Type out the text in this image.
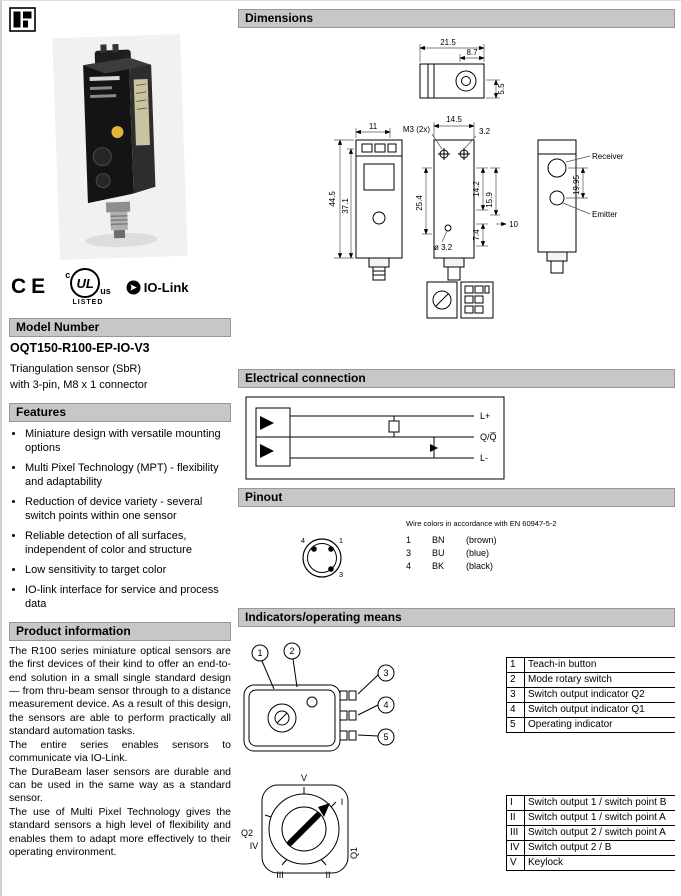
CE c
UL
us
LISTED
IO-Link
Model Number
OQT150-R100-EP-IO-V3
Triangulation sensor (SbR)
with 3-pin, M8 x 1 connector
Features
• Miniature design with versatile mounting options
• Multi Pixel Technology (MPT) - flexibility and adaptability
• Reduction of device variety - several switch points within one sensor
• Reliable detection of all surfaces, independent of color and structure
• Low sensitivity to target color
• IO-link interface for service and process data
Product information

The R100 series miniature optical sensors are the first devices of their kind to offer an end-to-end solution in a small single standard design — from thru-beam sensor through to a distance measurement device. As a result of this design, the sensors are able to perform practically all standard automation tasks.

The entire series enables sensors to communicate via IO-Link.

The DuraBeam laser sensors are durable and can be used in the same way as a standard sensor.

The use of Multi Pixel Technology gives the standard sensors a high level of flexibility and enables them to adapt more effectively to their operating environment.

Dimensions
21.5
8.7
5.5
11
44.5 37.1
14.5
M3 (2x)	3.2
25.4
14.2
15.9
7.4
10
ø 3.2
19.95
Receiver
Emitter
Electrical connection
L+
Q/Q̅
L-
Pinout
4	1
3
Wire colors in accordance with EN 60947-5-2
1 BN (brown)
3 BU (blue)
4 BK (black)
Indicators/operating means
1	2
3
4
5
1	Teach-in button
2	Mode rotary switch
3	Switch output indicator Q2
4	Switch output indicator Q1
5	Operating indicator
V
I
II
III
IV
Q2
Q1
I	Switch output 1 / switch point B
II	Switch output 1 / switch point A
III	Switch output 2 / switch point A
IV	Switch output 2 / B
V	Keylock
